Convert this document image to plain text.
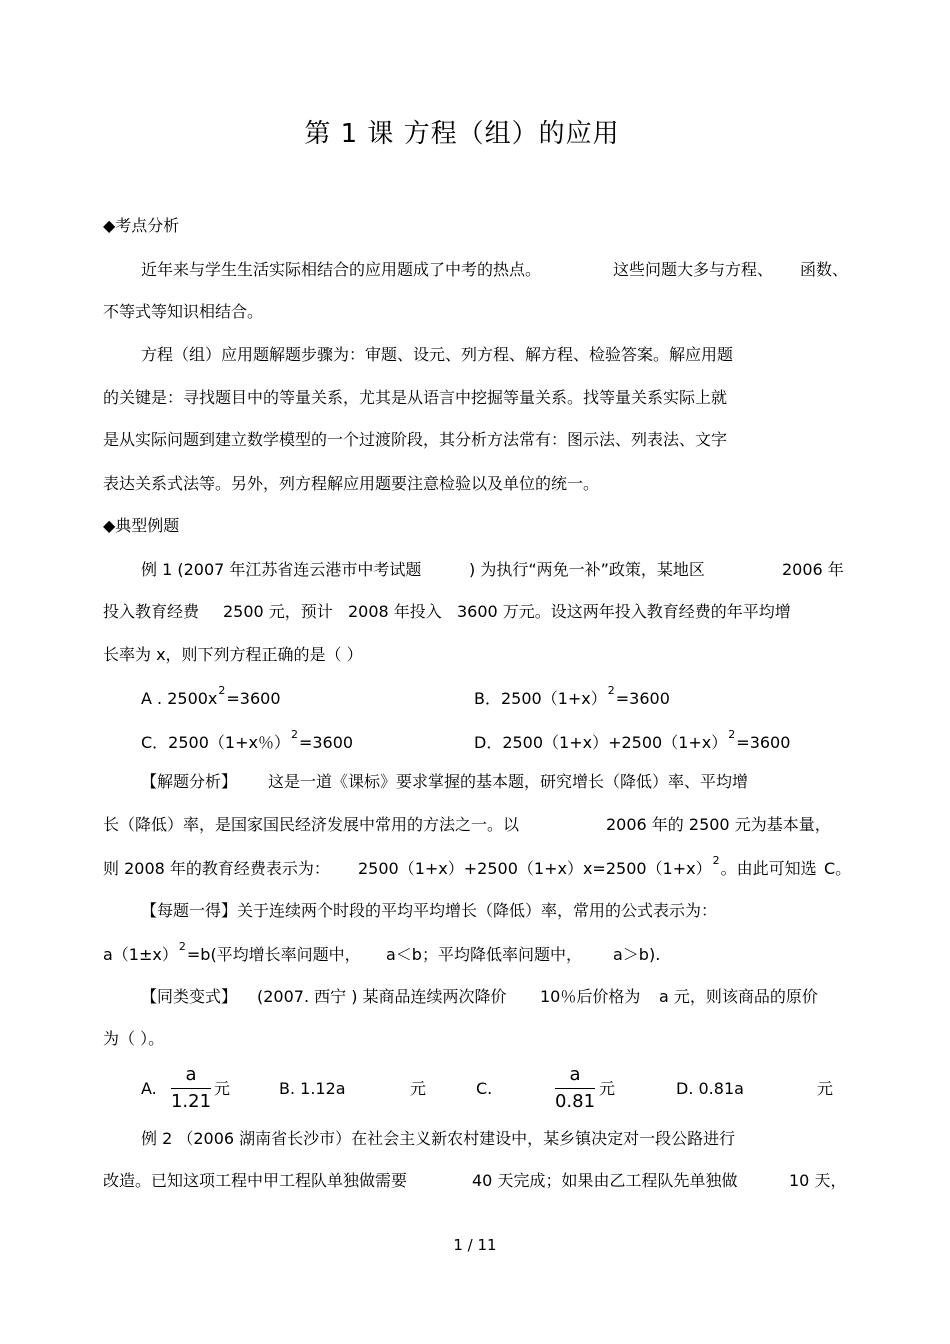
第 1 课 方程（组）的应用
◆考点分析
近年来与学生生活实际相结合的应用题成了中考的热点。	这些问题大多与方程、 函数、
不等式等知识相结合。
方程（组）应用题解题步骤为：审题、设元、列方程、解方程、检验答案。解应用题
的关键是：寻找题目中的等量关系，尤其是从语言中挖掘等量关系。找等量关系实际上就
是从实际问题到建立数学模型的一个过渡阶段，其分析方法常有：图示法、列表法、文字
表达关系式法等。另外，列方程解应用题要注意检验以及单位的统一。
◆典型例题
例 1 (2007 年江苏省连云港市中考试题	) 为执行“两免一补”政策，某地区	2006 年
投入教育经费 2500 元，预计 2008 年投入 3600 万元。设这两年投入教育经费的年平均增
长率为 x，则下列方程正确的是（ ）
A . $2500x^2=3600$	B．$2500(1+x)^2=3600$
C．2500（1+x％）$^2$=3600	D．$2500(1+x)+2500(1+x)^2=3600$
【解题分析】 这是一道《课标》要求掌握的基本题，研究增长（降低）率、平均增
长（降低）率，是国家国民经济发展中常用的方法之一。以	2006 年的 2500 元为基本量，
则 2008 年的教育经费表示为： $2500(1+x)+2500(1+x)x=2500(1+x)^2$。由此可知选 C。
【每题一得】关于连续两个时段的平均平均增长（降低）率，常用的公式表示为：
$a(1\pm x)^2=b$(平均增长率问题中， a＜b；平均降低率问题中， a＞b).
【同类变式】 (2007. 西宁 ) 某商品连续两次降价 10％后价格为 a 元，则该商品的原价
为（ ）。
A.
a
1.21
元	B. 1.12a	元	C.
a
0.81
元	D. 0.81a	元
例 2 （2006 湖南省长沙市）在社会主义新农村建设中，某乡镇决定对一段公路进行
改造。已知这项工程中甲工程队单独做需要	40 天完成；如果由乙工程队先单独做	10 天，
1 / 11
